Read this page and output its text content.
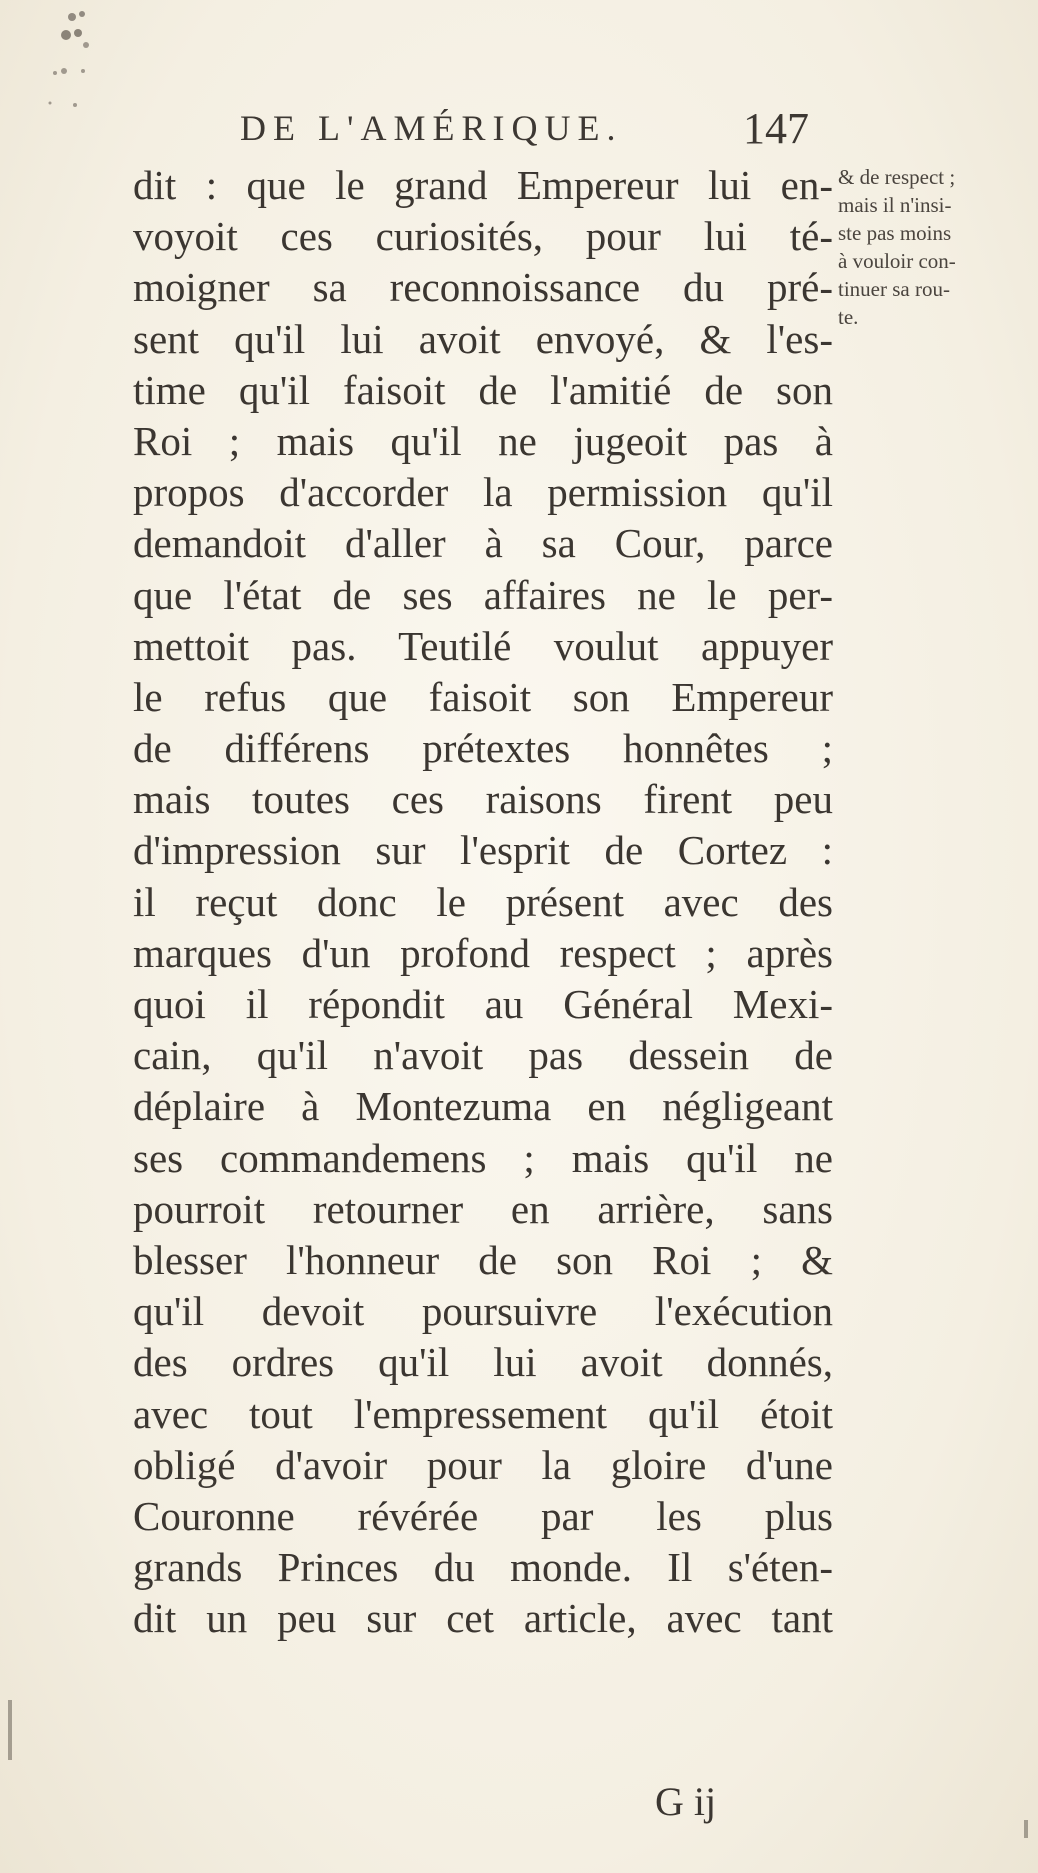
DE L'AMÉRIQUE.	147
dit : que le grand Empereur lui en-
voyoit ces curiosités, pour lui té-
moigner sa reconnoissance du pré-
sent qu'il lui avoit envoyé, & l'es-
time qu'il faisoit de l'amitié de son
Roi ; mais qu'il ne jugeoit pas à
propos d'accorder la permission qu'il
demandoit d'aller à sa Cour, parce
que l'état de ses affaires ne le per-
mettoit pas. Teutilé voulut appuyer
le refus que faisoit son Empereur
de différens prétextes honnêtes ;
mais toutes ces raisons firent peu
d'impression sur l'esprit de Cortez :
il reçut donc le présent avec des
marques d'un profond respect ; après
quoi il répondit au Général Mexi-
cain, qu'il n'avoit pas dessein de
déplaire à Montezuma en négligeant
ses commandemens ; mais qu'il ne
pourroit retourner en arrière, sans
blesser l'honneur de son Roi ; &
qu'il devoit poursuivre l'exécution
des ordres qu'il lui avoit donnés,
avec tout l'empressement qu'il étoit
obligé d'avoir pour la gloire d'une
Couronne révérée par les plus
grands Princes du monde. Il s'éten-
dit un peu sur cet article, avec tant
& de respect ;
mais il n'insi-
ste pas moins
à vouloir con-
tinuer sa rou-
te.
G ij
